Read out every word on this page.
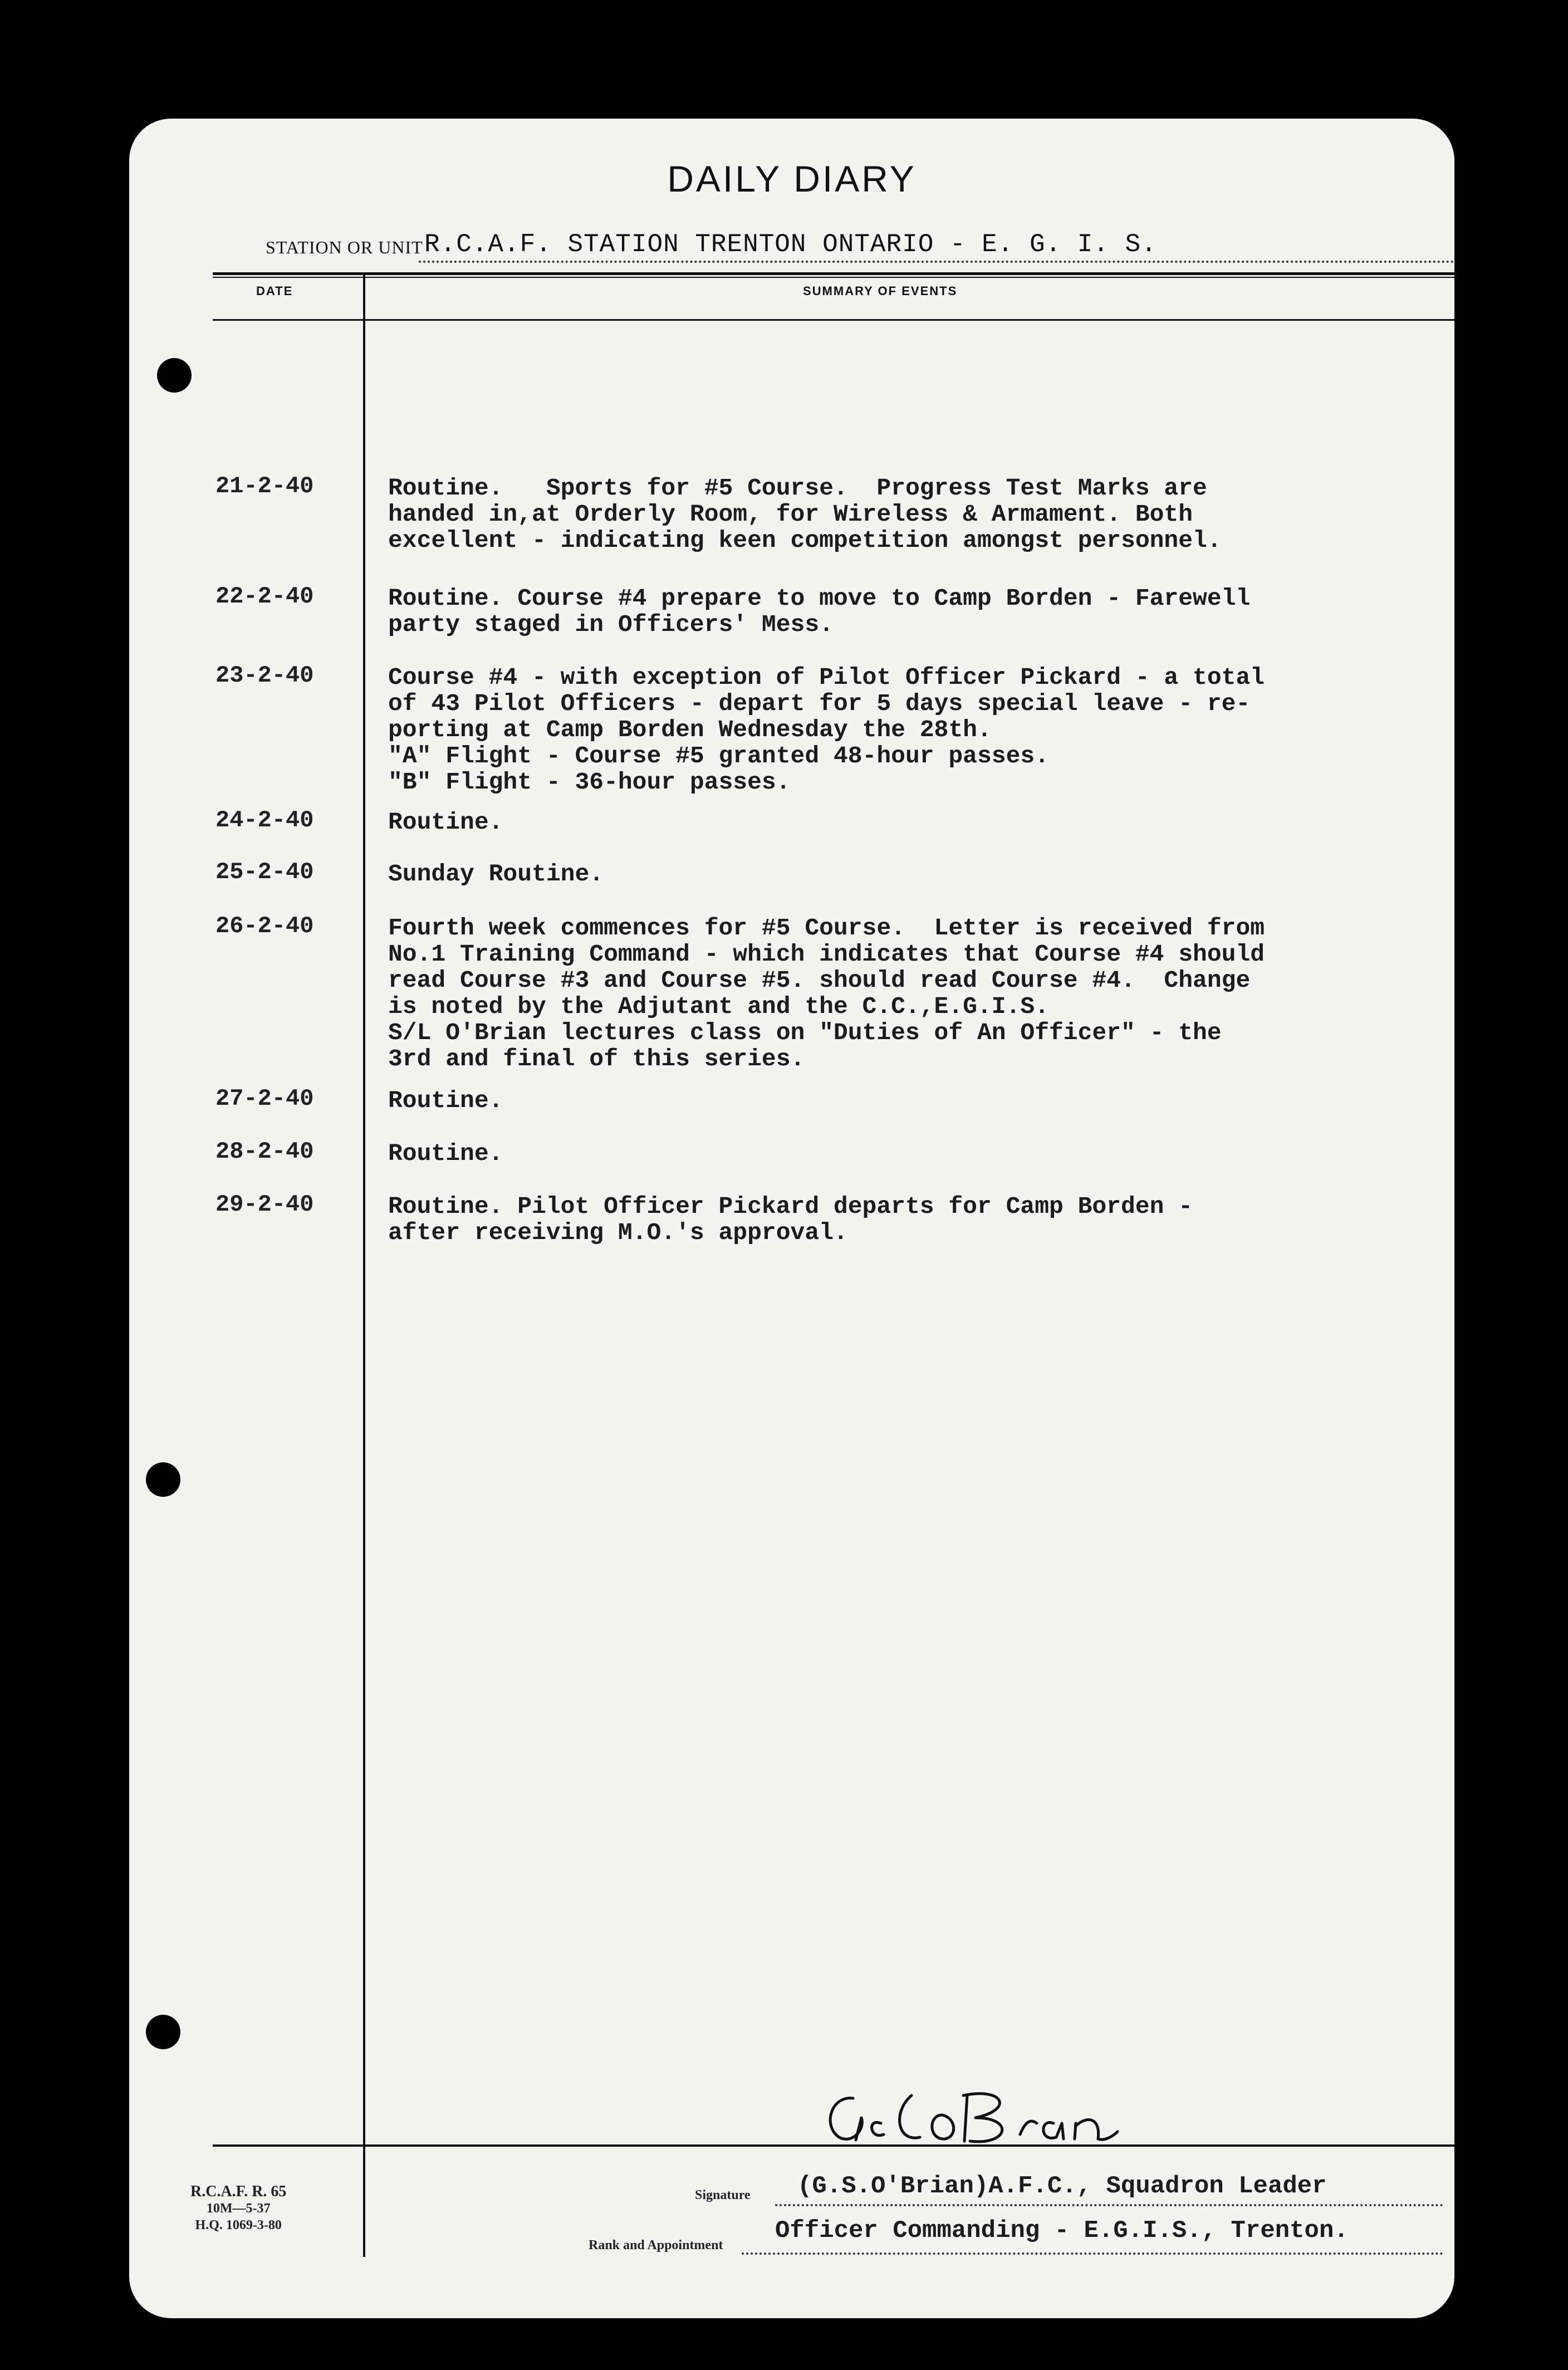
DAILY DIARY
STATION OR UNIT R.C.A.F. STATION TRENTON ONTARIO - E. G. I. S.
DATE	SUMMARY OF EVENTS
21-2-40	Routine.   Sports for #5 Course.  Progress Test Marks are
handed in,at Orderly Room, for Wireless & Armament. Both
excellent - indicating keen competition amongst personnel.
22-2-40	Routine. Course #4 prepare to move to Camp Borden - Farewell
party staged in Officers' Mess.
23-2-40	Course #4 - with exception of Pilot Officer Pickard - a total
of 43 Pilot Officers - depart for 5 days special leave - re-
porting at Camp Borden Wednesday the 28th.
"A" Flight - Course #5 granted 48-hour passes.
"B" Flight - 36-hour passes.
24-2-40	Routine.
25-2-40	Sunday Routine.
26-2-40	Fourth week commences for #5 Course.  Letter is received from
No.1 Training Command - which indicates that Course #4 should
read Course #3 and Course #5. should read Course #4.  Change
is noted by the Adjutant and the C.C.,E.G.I.S.
S/L O'Brian lectures class on "Duties of An Officer" - the
3rd and final of this series.
27-2-40	Routine.
28-2-40	Routine.
29-2-40	Routine. Pilot Officer Pickard departs for Camp Borden -
after receiving M.O.'s approval.
R.C.A.F. R. 65
10M—5-37
H.Q. 1069-3-80
Signature (G.S.O'Brian)A.F.C., Squadron Leader
Rank and Appointment
Officer Commanding - E.G.I.S., Trenton.
